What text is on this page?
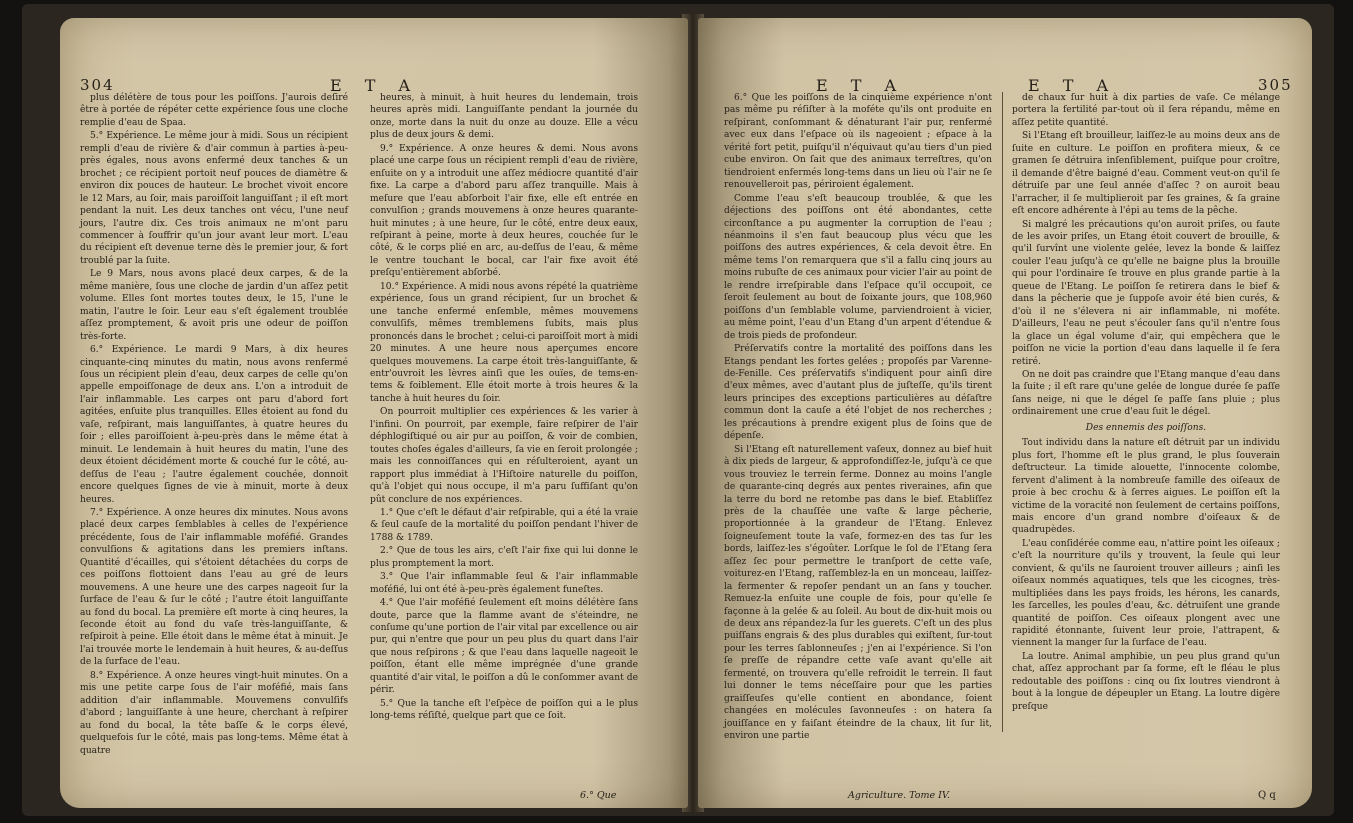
304	E T A

plus délétère de tous pour les poiſſons. J'aurois deſiré être à portée de répéter cette expérience ſous une cloche remplie d'eau de Spaa.

5.° Expérience. Le même jour à midi. Sous un récipient rempli d'eau de rivière & d'air commun à parties à-peu-près égales, nous avons enfermé deux tanches & un brochet ; ce récipient portoit neuf pouces de diamètre & environ dix pouces de hauteur. Le brochet vivoit encore le 12 Mars, au ſoir, mais paroiſſoit languiſſant ; il eſt mort pendant la nuit. Les deux tanches ont vécu, l'une neuf jours, l'autre dix. Ces trois animaux ne m'ont paru commencer à ſouffrir qu'un jour avant leur mort. L'eau du récipient eſt devenue terne dès le premier jour, & fort troublé par la ſuite.

Le 9 Mars, nous avons placé deux carpes, & de la même manière, ſous une cloche de jardin d'un aſſez petit volume. Elles ſont mortes toutes deux, le 15, l'une le matin, l'autre le ſoir. Leur eau s'eſt également troublée aſſez promptement, & avoit pris une odeur de poiſſon très-forte.

6.° Expérience. Le mardi 9 Mars, à dix heures cinquante-cinq minutes du matin, nous avons renfermé ſous un récipient plein d'eau, deux carpes de celle qu'on appelle empoiſſonage de deux ans. L'on a introduit de l'air inflammable. Les carpes ont paru d'abord fort agitées, enſuite plus tranquilles. Elles étoient au fond du vaſe, reſpirant, mais languiſſantes, à quatre heures du ſoir ; elles paroiſſoient à-peu-près dans le même état à minuit. Le lendemain à huit heures du matin, l'une des deux étoient décidément morte & couché ſur le côté, au-deſſus de l'eau ; l'autre également couchée, donnoit encore quelques ſignes de vie à minuit, morte à deux heures.

7.° Expérience. A onze heures dix minutes. Nous avons placé deux carpes ſemblables à celles de l'expérience précédente, ſous de l'air inflammable moféfié. Grandes convulſions & agitations dans les premiers inſtans. Quantité d'écailles, qui s'étoient détachées du corps de ces poiſſons flottoient dans l'eau au gré de leurs mouvemens. A une heure une des carpes nageoit ſur la ſurface de l'eau & ſur le côté ; l'autre étoit languiſſante au fond du bocal. La première eſt morte à cinq heures, la ſeconde étoit au fond du vaſe très-languiſſante, & reſpiroit à peine. Elle étoit dans le même état à minuit. Je l'ai trouvée morte le lendemain à huit heures, & au-deſſus de la ſurface de l'eau.

8.° Expérience. A onze heures vingt-huit minutes. On a mis une petite carpe ſous de l'air moféfié, mais ſans addition d'air inflammable. Mouvemens convulſifs d'abord ; languiſſante à une heure, cherchant à reſpirer au fond du bocal, la tête baſſe & le corps élevé, quelquefois ſur le côté, mais pas long-tems. Même état à quatre

heures, à minuit, à huit heures du lendemain, trois heures après midi. Languiſſante pendant la journée du onze, morte dans la nuit du onze au douze. Elle a vécu plus de deux jours & demi.

9.° Expérience. A onze heures & demi. Nous avons placé une carpe ſous un récipient rempli d'eau de rivière, enſuite on y a introduit une aſſez médiocre quantité d'air fixe. La carpe a d'abord paru aſſez tranquille. Mais à meſure que l'eau abſorboit l'air fixe, elle eſt entrée en convulſion ; grands mouvemens à onze heures quarante-huit minutes ; à une heure, ſur le côté, entre deux eaux, reſpirant à peine, morte à deux heures, couchée ſur le côté, & le corps plié en arc, au-deſſus de l'eau, & même le ventre touchant le bocal, car l'air fixe avoit été preſqu'entièrement abſorbé.

10.° Expérience. A midi nous avons répété la quatrième expérience, ſous un grand récipient, ſur un brochet & une tanche enfermé enſemble, mêmes mouvemens convulſifs, mêmes tremblemens ſubits, mais plus prononcés dans le brochet ; celui-ci paroiſſoit mort à midi 20 minutes. A une heure nous aperçumes encore quelques mouvemens. La carpe étoit très-languiſſante, & entr'ouvroit les lèvres ainſi que les ouïes, de tems-en-tems & foiblement. Elle étoit morte à trois heures & la tanche à huit heures du ſoir.

On pourroit multiplier ces expériences & les varier à l'infini. On pourroit, par exemple, faire reſpirer de l'air déphlogiſtiqué ou air pur au poiſſon, & voir de combien, toutes choſes égales d'ailleurs, ſa vie en ſeroit prolongée ; mais les connoiſſances qui en réſulteroient, ayant un rapport plus immédiat à l'Hiſtoire naturelle du poiſſon, qu'à l'objet qui nous occupe, il m'a paru ſuffiſant qu'on pût conclure de nos expériences.

1.° Que c'eſt le défaut d'air reſpirable, qui a été la vraie & ſeul cauſe de la mortalité du poiſſon pendant l'hiver de 1788 & 1789.

2.° Que de tous les airs, c'eſt l'air fixe qui lui donne le plus promptement la mort.

3.° Que l'air inflammable ſeul & l'air inflammable moféfié, lui ont été à-peu-près également funeſtes.

4.° Que l'air moféfié ſeulement eſt moins délétère ſans doute, parce que la flamme avant de s'éteindre, ne conſume qu'une portion de l'air vital par excellence ou air pur, qui n'entre que pour un peu plus du quart dans l'air que nous reſpirons ; & que l'eau dans laquelle nageoit le poiſſon, étant elle même imprégnée d'une grande quantité d'air vital, le poiſſon a dû le conſommer avant de périr.

5.° Que la tanche eſt l'eſpèce de poiſſon qui a le plus long-tems réſiſté, quelque part que ce ſoit.

6.° Que
E T A	E T A	305

6.° Que les poiſſons de la cinquième expérience n'ont pas même pu réſiſter à la moféte qu'ils ont produite en reſpirant, conſommant & dénaturant l'air pur, renfermé avec eux dans l'eſpace où ils nageoient ; eſpace à la vérité fort petit, puiſqu'il n'équivaut qu'au tiers d'un pied cube environ. On ſait que des animaux terreſtres, qu'on tiendroient enfermés long-tems dans un lieu où l'air ne ſe renouvelleroit pas, périroient également.

Comme l'eau s'eſt beaucoup troublée, & que les déjections des poiſſons ont été abondantes, cette circonſtance a pu augmenter la corruption de l'eau ; néanmoins il s'en faut beaucoup plus vécu que les poiſſons des autres expériences, & cela devoit être. En même tems l'on remarquera que s'il a fallu cinq jours au moins rubuſte de ces animaux pour vicier l'air au point de le rendre irreſpirable dans l'eſpace qu'il occupoit, ce ſeroit ſeulement au bout de ſoixante jours, que 108,960 poiſſons d'un ſemblable volume, parviendroient à vicier, au même point, l'eau d'un Etang d'un arpent d'étendue & de trois pieds de profondeur.

Préſervatifs contre la mortalité des poiſſons dans les Etangs pendant les fortes gelées ; propoſés par Varenne-de-Fenille. Ces préſervatifs s'indiquent pour ainſi dire d'eux mêmes, avec d'autant plus de juſteſſe, qu'ils tirent leurs principes des exceptions particulières au déſaſtre commun dont la cauſe a été l'objet de nos recherches ; les précautions à prendre exigent plus de ſoins que de dépenſe.

Si l'Etang eſt naturellement vaſeux, donnez au bief huit à dix pieds de largeur, & approfondiſſez-le, juſqu'à ce que vous trouviez le terrein ferme. Donnez au moins l'angle de quarante-cinq degrés aux pentes riveraines, afin que la terre du bord ne retombe pas dans le bief. Etabliſſez près de la chauſſée une vaſte & large pêcherie, proportionnée à la grandeur de l'Etang. Enlevez ſoigneuſement toute la vaſe, formez-en des tas ſur les bords, laiſſez-les s'égoûter. Lorſque le ſol de l'Etang ſera aſſez ſec pour permettre le tranſport de cette vaſe, voiturez-en l'Etang, raſſemblez-la en un monceau, laiſſez-la fermenter & repoſer pendant un an ſans y toucher. Remuez-la enſuite une couple de fois, pour qu'elle ſe façonne à la gelée & au ſoleil. Au bout de dix-huit mois ou de deux ans répandez-la ſur les guerets. C'eſt un des plus puiſſans engrais & des plus durables qui exiſtent, ſur-tout pour les terres ſablonneuſes ; j'en ai l'expérience. Si l'on ſe preſſe de répandre cette vaſe avant qu'elle ait fermenté, on trouvera qu'elle refroidit le terrein. Il faut lui donner le tems néceſſaire pour que les parties graiſſeuſes qu'elle contient en abondance, ſoient changées en molécules ſavonneuſes : on hatera ſa jouiſſance en y faiſant éteindre de la chaux, lit ſur lit, environ une partie

de chaux ſur huit à dix parties de vaſe. Ce mélange portera la fertilité par-tout où il ſera répandu, même en aſſez petite quantité.

Si l'Etang eſt brouilleur, laiſſez-le au moins deux ans de ſuite en culture. Le poiſſon en profitera mieux, & ce gramen ſe détruira inſenſiblement, puiſque pour croître, il demande d'être baigné d'eau. Comment veut-on qu'il ſe détruiſe par une ſeul année d'aſſec ? on auroit beau l'arracher, il ſe multiplieroit par ſes graines, & ſa graine eſt encore adhérente à l'épi au tems de la pêche.

Si malgré les précautions qu'on auroit priſes, ou faute de les avoir priſes, un Etang étoit couvert de brouille, & qu'il ſurvînt une violente gelée, levez la bonde & laiſſez couler l'eau juſqu'à ce qu'elle ne baigne plus la brouille qui pour l'ordinaire ſe trouve en plus grande partie à la queue de l'Etang. Le poiſſon ſe retirera dans le bief & dans la pêcherie que je ſuppoſe avoir été bien curés, & d'où il ne s'élevera ni air inflammable, ni moféte. D'ailleurs, l'eau ne peut s'écouler ſans qu'il n'entre ſous la glace un égal volume d'air, qui empêchera que le poiſſon ne vicie la portion d'eau dans laquelle il ſe ſera retiré.

On ne doit pas craindre que l'Etang manque d'eau dans la ſuite ; il eſt rare qu'une gelée de longue durée ſe paſſe ſans neige, ni que le dégel ſe paſſe ſans pluie ; plus ordinairement une crue d'eau ſuit le dégel.

Des ennemis des poiſſons.

Tout individu dans la nature eſt détruit par un individu plus fort, l'homme eſt le plus grand, le plus ſouverain deſtructeur. La timide alouette, l'innocente colombe, fervent d'aliment à la nombreuſe famille des oiſeaux de proie à bec crochu & à ſerres aigues. Le poiſſon eſt la victime de la voracité non ſeulement de certains poiſſons, mais encore d'un grand nombre d'oiſeaux & de quadrupèdes.

L'eau conſidérée comme eau, n'attire point les oiſeaux ; c'eſt la nourriture qu'ils y trouvent, la ſeule qui leur convient, & qu'ils ne ſauroient trouver ailleurs ; ainſi les oiſeaux nommés aquatiques, tels que les cicognes, très-multipliées dans les pays froids, les hérons, les canards, les ſarcelles, les poules d'eau, &c. détruiſent une grande quantité de poiſſon. Ces oiſeaux plongent avec une rapidité étonnante, ſuivent leur proie, l'attrapent, & viennent la manger ſur la ſurface de l'eau.

La loutre. Animal amphibie, un peu plus grand qu'un chat, aſſez approchant par ſa forme, eſt le fléau le plus redoutable des poiſſons : cinq ou ſix loutres viendront à bout à la longue de dépeupler un Etang. La loutre digère preſque

Agriculture. Tome IV.	Q q
